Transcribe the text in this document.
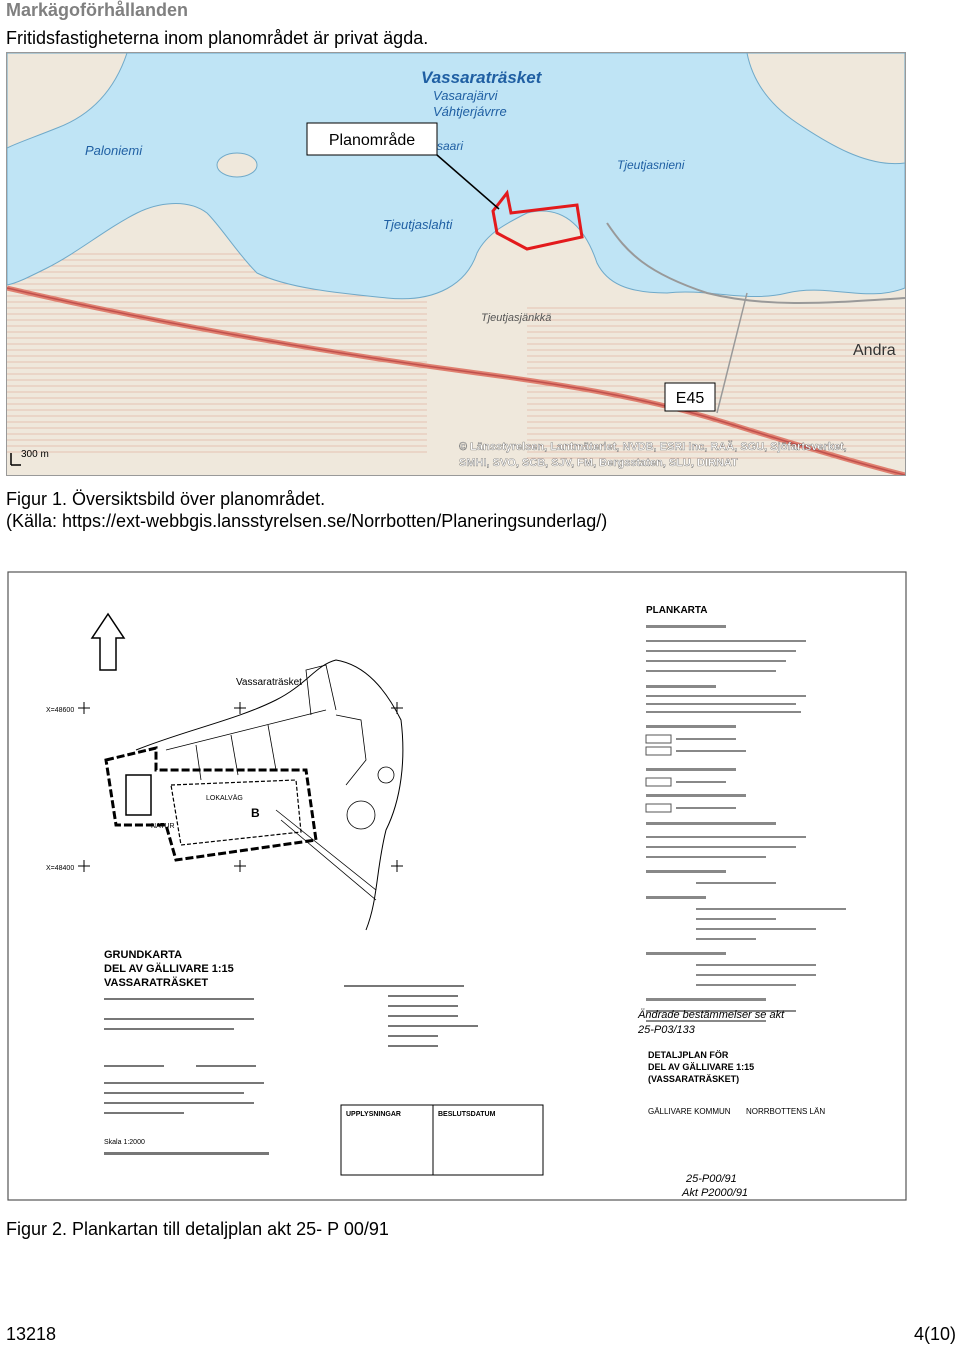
Markägoförhållanden
Fritidsfastigheterna inom planområdet är privat ägda.
Planområde
E45
Vassaraträsket
Vasarajärvi
Váhtjerjávrre
saari
Paloniemi
Tjeutjaslahti
Tjeutjasnieni
Tjeutjasjänkkä
Andra
300 m
© Länsstyrelsen, Lantmäteriet, NVDB, ESRI Inc, RAÄ, SGU, Sjöfartsverket,
SMHI, SVO, SCB, SJV, FM, Bergsstaten, SLU, DIRNAT
Figur 1. Översiktsbild över planområdet.
(Källa: https://ext-webbgis.lansstyrelsen.se/Norrbotten/Planeringsunderlag/)
Vassaraträsket
X=48600
X=48400
LOKALVÄG
NATUR
B
PLANKARTA
Ändrade bestämmelser se akt
25-P03/133
DETALJPLAN FÖR
DEL AV GÄLLIVARE 1:15
(VASSARATRÄSKET)
GÄLLIVARE KOMMUN NORRBOTTENS LÄN
Akt P2000/91
GRUNDKARTA
DEL AV GÄLLIVARE 1:15
VASSARATRÄSKET
Skala 1:2000
UPPLYSNINGAR	BESLUTSDATUM
25-P00/91
Figur 2. Plankartan till detaljplan akt 25- P 00/91
13218	4(10)
